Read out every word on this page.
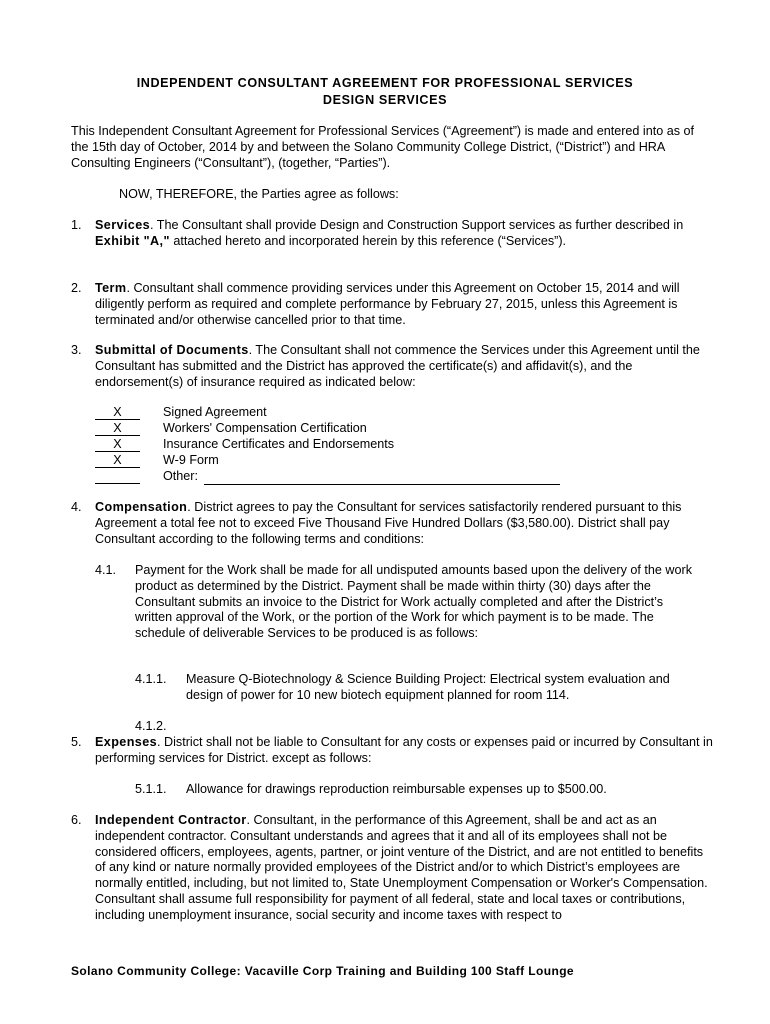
INDEPENDENT CONSULTANT AGREEMENT FOR PROFESSIONAL SERVICES
DESIGN SERVICES

This Independent Consultant Agreement for Professional Services (“Agreement”) is made and entered into as of the 15th day of October, 2014 by and between the Solano Community College District, (“District”) and HRA Consulting Engineers (“Consultant”), (together, “Parties”).

NOW, THEREFORE, the Parties agree as follows:

1. Services. The Consultant shall provide Design and Construction Support services as further described in Exhibit "A," attached hereto and incorporated herein by this reference (“Services”).

2. Term. Consultant shall commence providing services under this Agreement on October 15, 2014 and will diligently perform as required and complete performance by February 27, 2015, unless this Agreement is terminated and/or otherwise cancelled prior to that time.

3. Submittal of Documents. The Consultant shall not commence the Services under this Agreement until the Consultant has submitted and the District has approved the certificate(s) and affidavit(s), and the endorsement(s) of insurance required as indicated below:

X	Signed Agreement
X	Workers' Compensation Certification
X	Insurance Certificates and Endorsements
X	W-9 Form
Other:
4. Compensation. District agrees to pay the Consultant for services satisfactorily rendered pursuant to this Agreement a total fee not to exceed Five Thousand Five Hundred Dollars ($3,580.00). District shall pay Consultant according to the following terms and conditions:

4.1. Payment for the Work shall be made for all undisputed amounts based upon the delivery of the work product as determined by the District. Payment shall be made within thirty (30) days after the Consultant submits an invoice to the District for Work actually completed and after the District’s written approval of the Work, or the portion of the Work for which payment is to be made. The schedule of deliverable Services to be produced is as follows:

4.1.1. Measure Q-Biotechnology & Science Building Project: Electrical system evaluation and design of power for 10 new biotech equipment planned for room 114.

4.1.2.
5. Expenses. District shall not be liable to Consultant for any costs or expenses paid or incurred by Consultant in performing services for District. except as follows:

5.1.1. Allowance for drawings reproduction reimbursable expenses up to $500.00.

6. Independent Contractor. Consultant, in the performance of this Agreement, shall be and act as an independent contractor. Consultant understands and agrees that it and all of its employees shall not be considered officers, employees, agents, partner, or joint venture of the District, and are not entitled to benefits of any kind or nature normally provided employees of the District and/or to which District’s employees are normally entitled, including, but not limited to, State Unemployment Compensation or Worker's Compensation. Consultant shall assume full responsibility for payment of all federal, state and local taxes or contributions, including unemployment insurance, social security and income taxes with respect to

Solano Community College: Vacaville Corp Training and Building 100 Staff Lounge
